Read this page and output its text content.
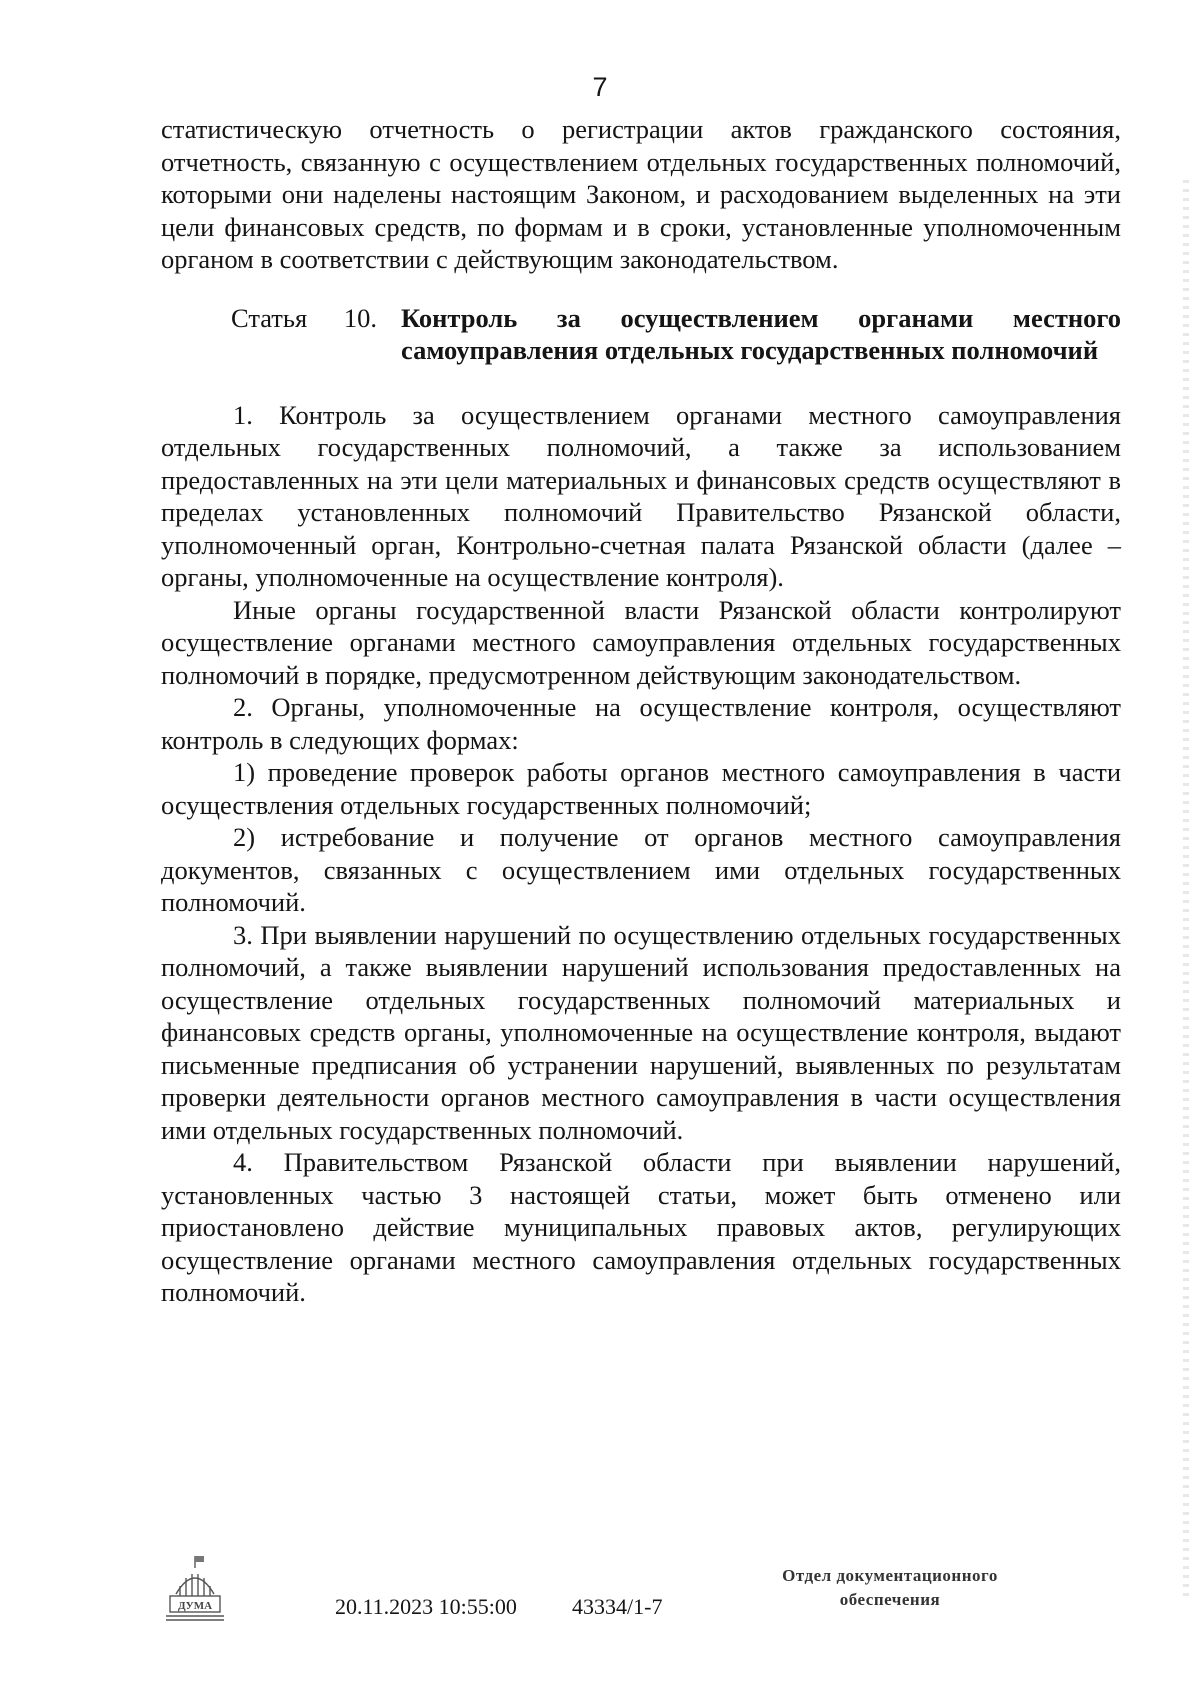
7

статистическую отчетность о регистрации актов гражданского состояния, отчетность, связанную с осуществлением отдельных государственных полномочий, которыми они наделены настоящим Законом, и расходованием выделенных на эти цели финансовых средств, по формам и в сроки, установленные уполномоченным органом в соответствии с действующим законодательством.

Статья 10. Контроль за осуществлением органами местного самоуправления отдельных государственных полномочий

1. Контроль за осуществлением органами местного самоуправления отдельных государственных полномочий, а также за использованием предоставленных на эти цели материальных и финансовых средств осуществляют в пределах установленных полномочий Правительство Рязанской области, уполномоченный орган, Контрольно-счетная палата Рязанской области (далее – органы, уполномоченные на осуществление контроля).

Иные органы государственной власти Рязанской области контролируют осуществление органами местного самоуправления отдельных государственных полномочий в порядке, предусмотренном действующим законодательством.

2. Органы, уполномоченные на осуществление контроля, осуществляют контроль в следующих формах:

1) проведение проверок работы органов местного самоуправления в части осуществления отдельных государственных полномочий;

2) истребование и получение от органов местного самоуправления документов, связанных с осуществлением ими отдельных государственных полномочий.

3. При выявлении нарушений по осуществлению отдельных государственных полномочий, а также выявлении нарушений использования предоставленных на осуществление отдельных государственных полномочий материальных и финансовых средств органы, уполномоченные на осуществление контроля, выдают письменные предписания об устранении нарушений, выявленных по результатам проверки деятельности органов местного самоуправления в части осуществления ими отдельных государственных полномочий.

4. Правительством Рязанской области при выявлении нарушений, установленных частью 3 настоящей статьи, может быть отменено или приостановлено действие муниципальных правовых актов, регулирующих осуществление органами местного самоуправления отдельных государственных полномочий.

ДУМА	20.11.2023 10:55:00	43334/1-7
Отдел документационного
обеспечения
